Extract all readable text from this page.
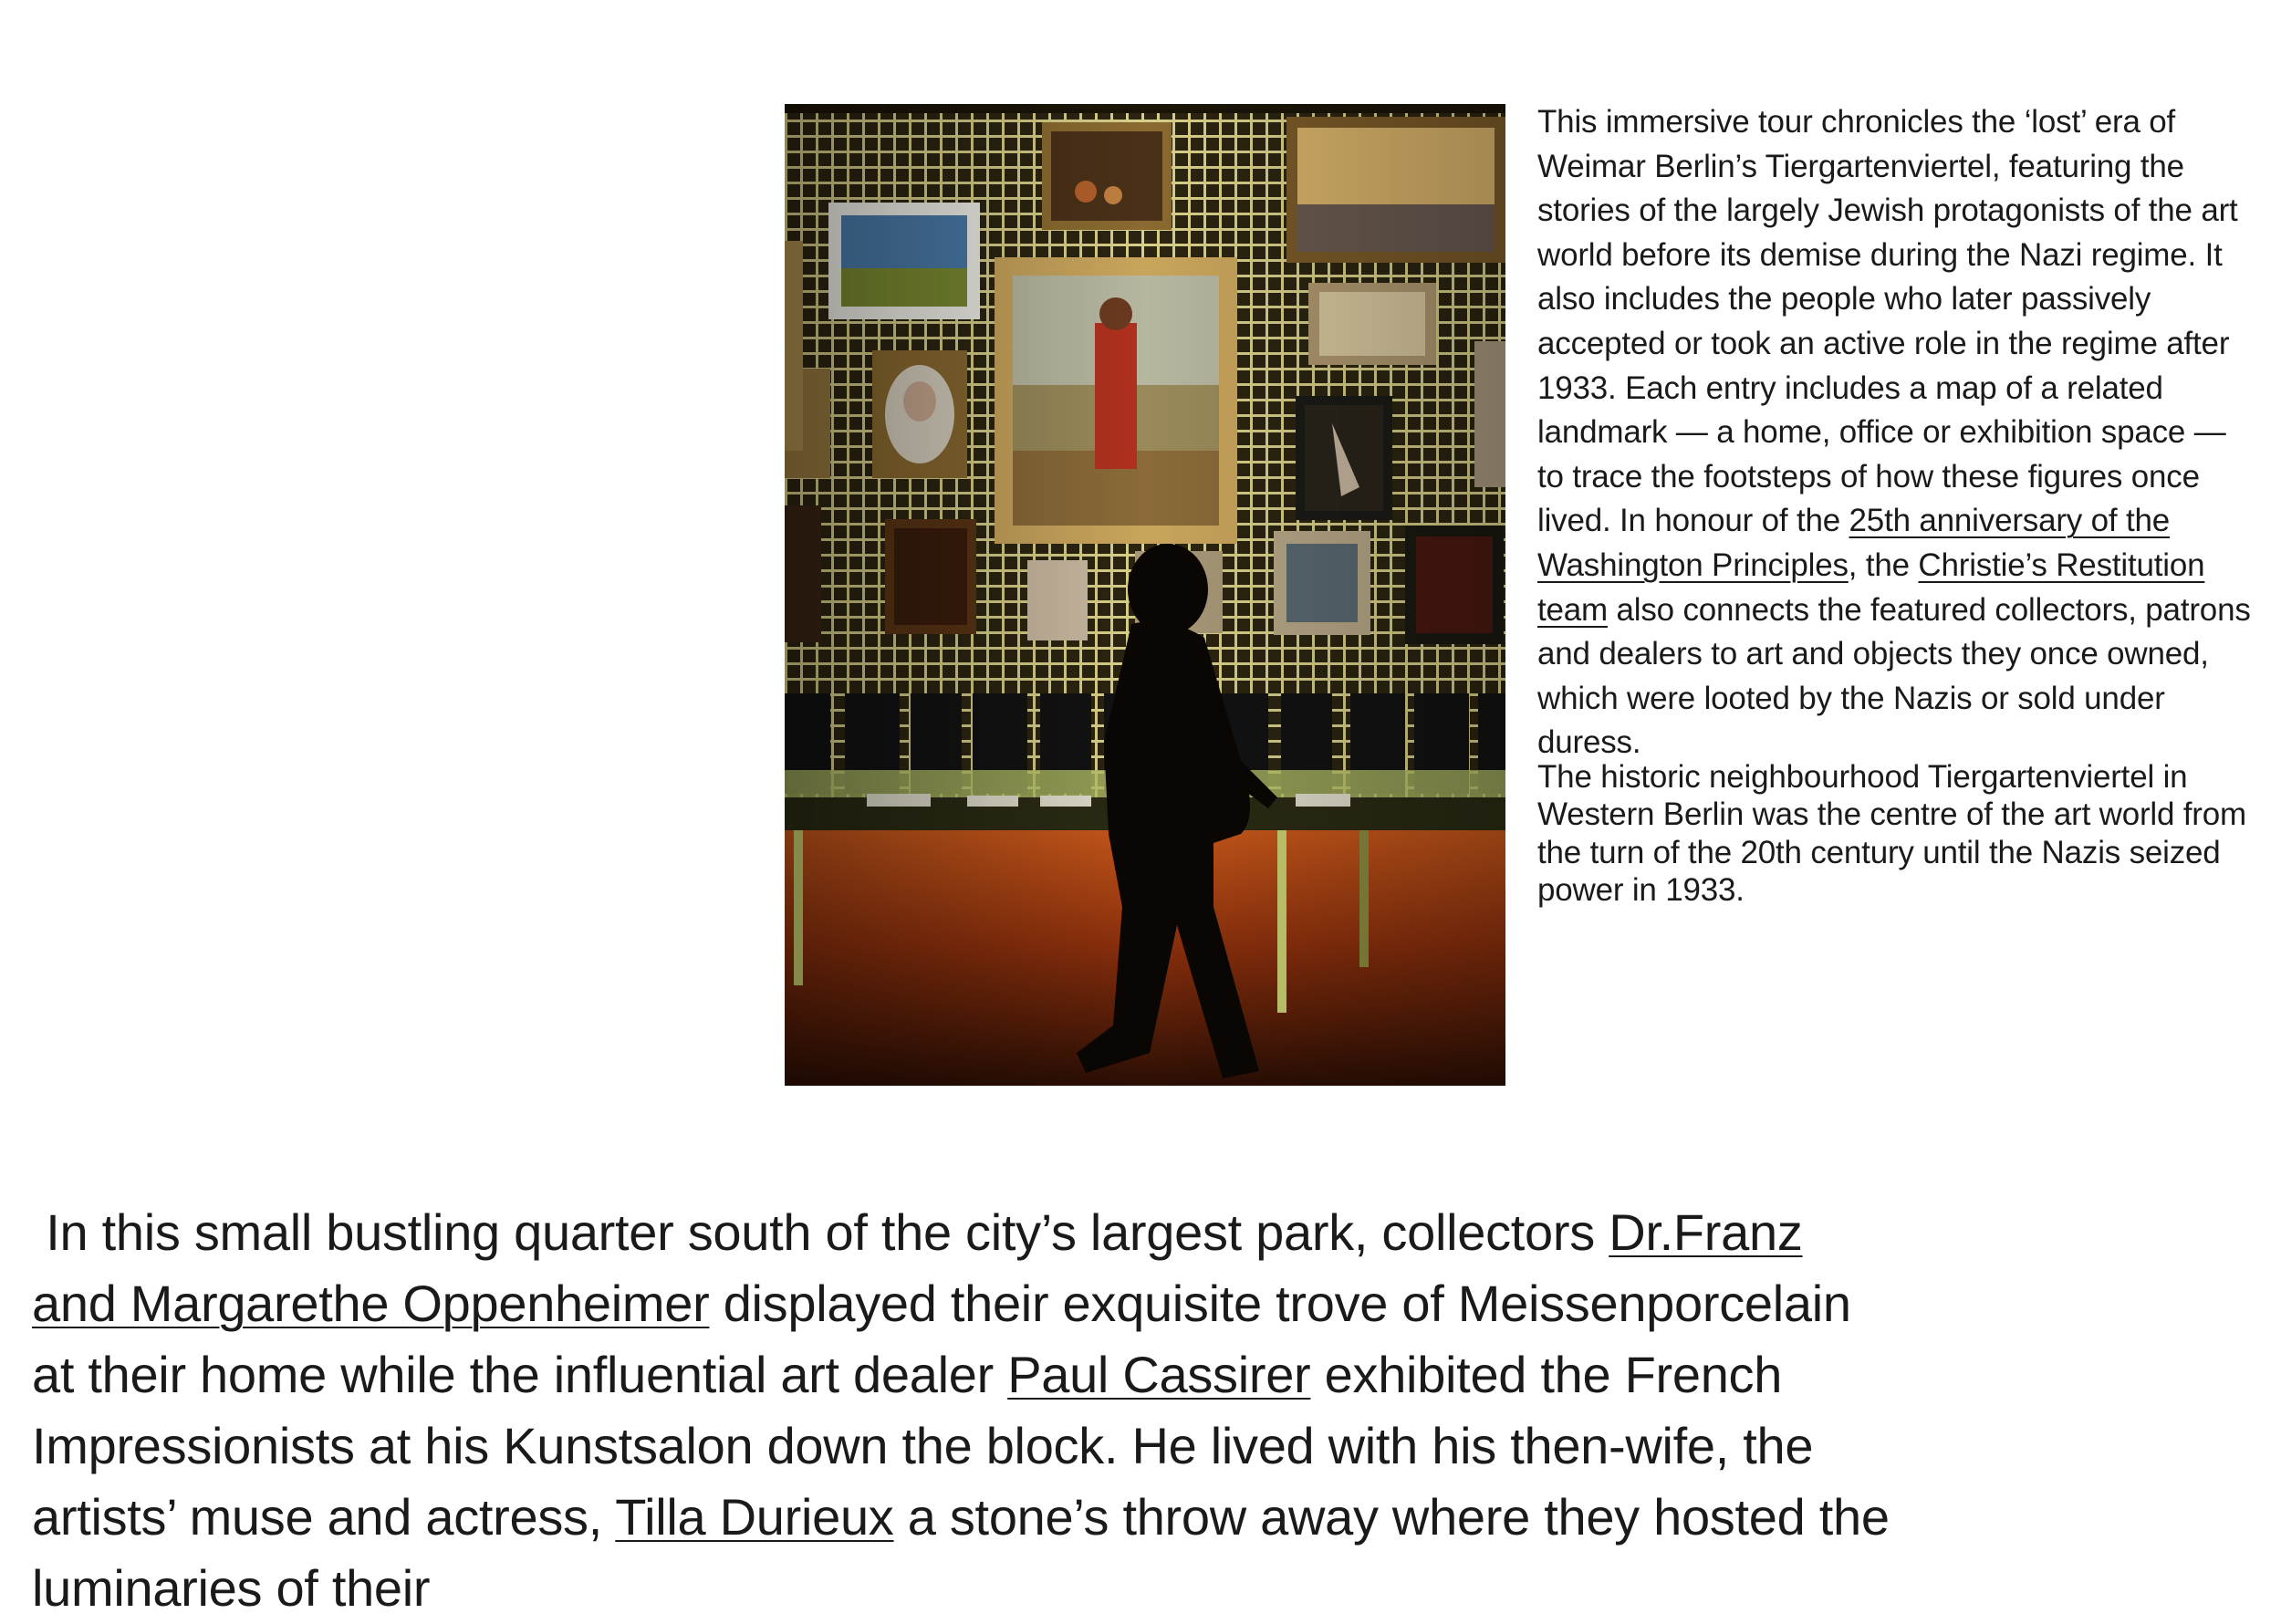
This immersive tour chronicles the ‘lost’ era of Weimar Berlin’s Tiergartenviertel, featuring the stories of the largely Jewish protagonists of the art world before its demise during the Nazi regime. It also includes the people who later passively accepted or took an active role in the regime after 1933. Each entry includes a map of a related landmark — a home, office or exhibition space — to trace the footsteps of how these figures once lived. In honour of the 25th anniversary of the Washington Principles, the Christie’s Restitution team also connects the featured collectors, patrons and dealers to art and objects they once owned, which were looted by the Nazis or sold under duress.

The historic neighbourhood Tiergartenviertel in Western Berlin was the centre of the art world from the turn of the 20th century until the Nazis seized power in 1933.

In this small bustling quarter south of the city’s largest park, collectors Dr.Franz and Margarethe Oppenheimer displayed their exquisite trove of Meissenporcelain at their home while the influential art dealer Paul Cassirer exhibited the French Impressionists at his Kunstsalon down the block. He lived with his then-wife, the artists’ muse and actress, Tilla Durieux a stone’s throw away where they hosted the luminaries of their
